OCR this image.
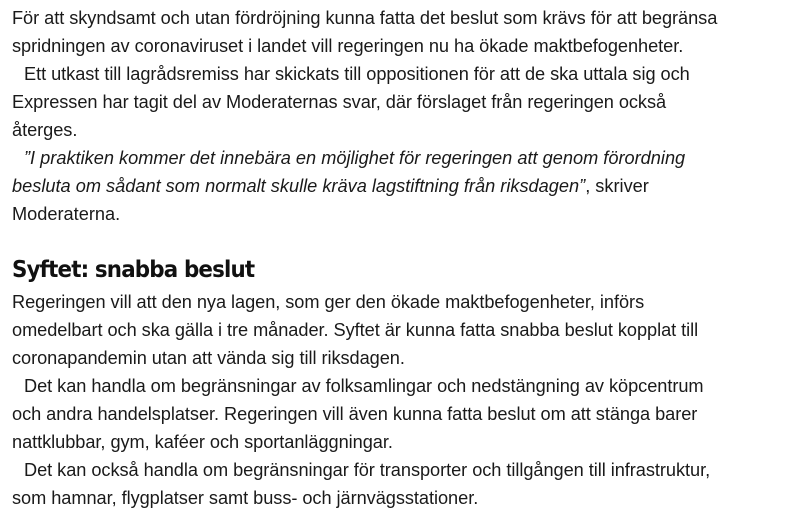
För att skyndsamt och utan fördröjning kunna fatta det beslut som krävs för att begränsa
spridningen av coronaviruset i landet vill regeringen nu ha ökade maktbefogenheter.

Ett utkast till lagrådsremiss har skickats till oppositionen för att de ska uttala sig och
Expressen har tagit del av Moderaternas svar, där förslaget från regeringen också
återges.

”I praktiken kommer det innebära en möjlighet för regeringen att genom förordning
besluta om sådant som normalt skulle kräva lagstiftning från riksdagen”, skriver
Moderaterna.

Syftet: snabba beslut

Regeringen vill att den nya lagen, som ger den ökade maktbefogenheter, införs
omedelbart och ska gälla i tre månader. Syftet är kunna fatta snabba beslut kopplat till
coronapandemin utan att vända sig till riksdagen.

Det kan handla om begränsningar av folksamlingar och nedstängning av köpcentrum
och andra handelsplatser. Regeringen vill även kunna fatta beslut om att stänga barer
nattklubbar, gym, kaféer och sportanläggningar.

Det kan också handla om begränsningar för transporter och tillgången till infrastruktur,
som hamnar, flygplatser samt buss- och järnvägsstationer.
